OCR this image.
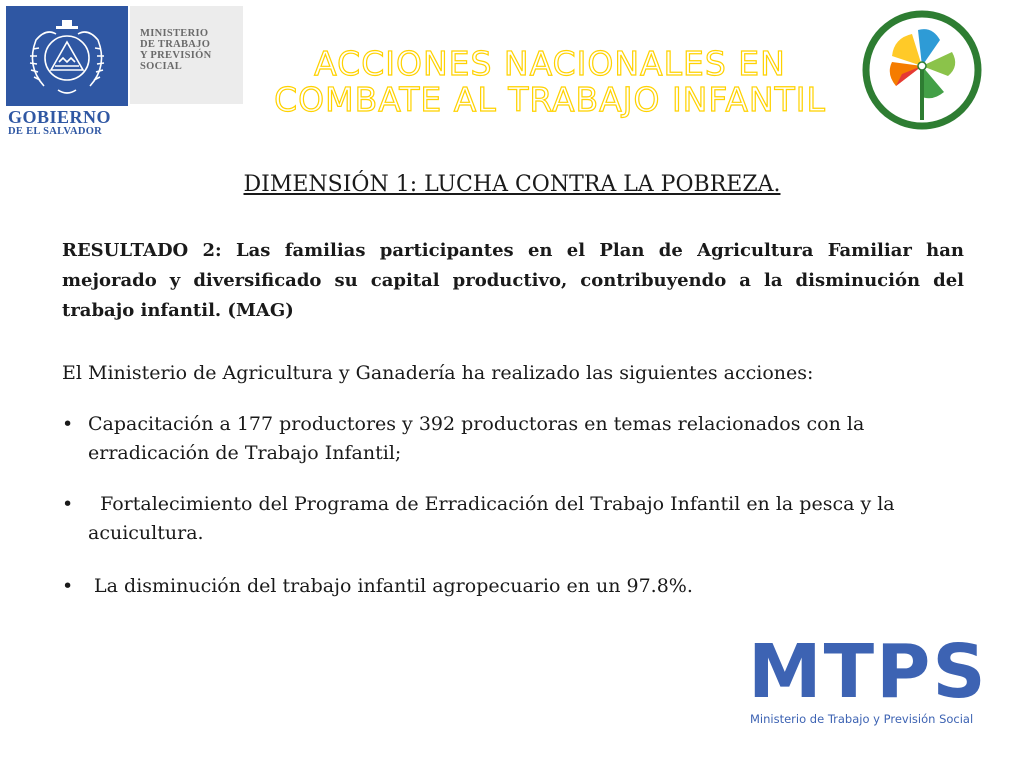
MINISTERIO
DE TRABAJO
Y PREVISIÓN
SOCIAL
GOBIERNO
DE EL SALVADOR
ACCIONES NACIONALES EN COMBATE AL TRABAJO INFANTIL
DIMENSIÓN 1: LUCHA CONTRA LA POBREZA.
RESULTADO 2: Las familias participantes en el Plan de Agricultura Familiar han mejorado y diversificado su capital productivo, contribuyendo a la disminución del trabajo infantil. (MAG)
El Ministerio de Agricultura y Ganadería ha realizado las siguientes acciones:
• Capacitación a 177 productores y 392 productoras en temas relacionados con la erradicación de Trabajo Infantil;
• Fortalecimiento del Programa de Erradicación del Trabajo Infantil en la pesca y la acuicultura.
• La disminución del trabajo infantil agropecuario en un 97.8%.
MTPS
Ministerio de Trabajo y Previsión Social
